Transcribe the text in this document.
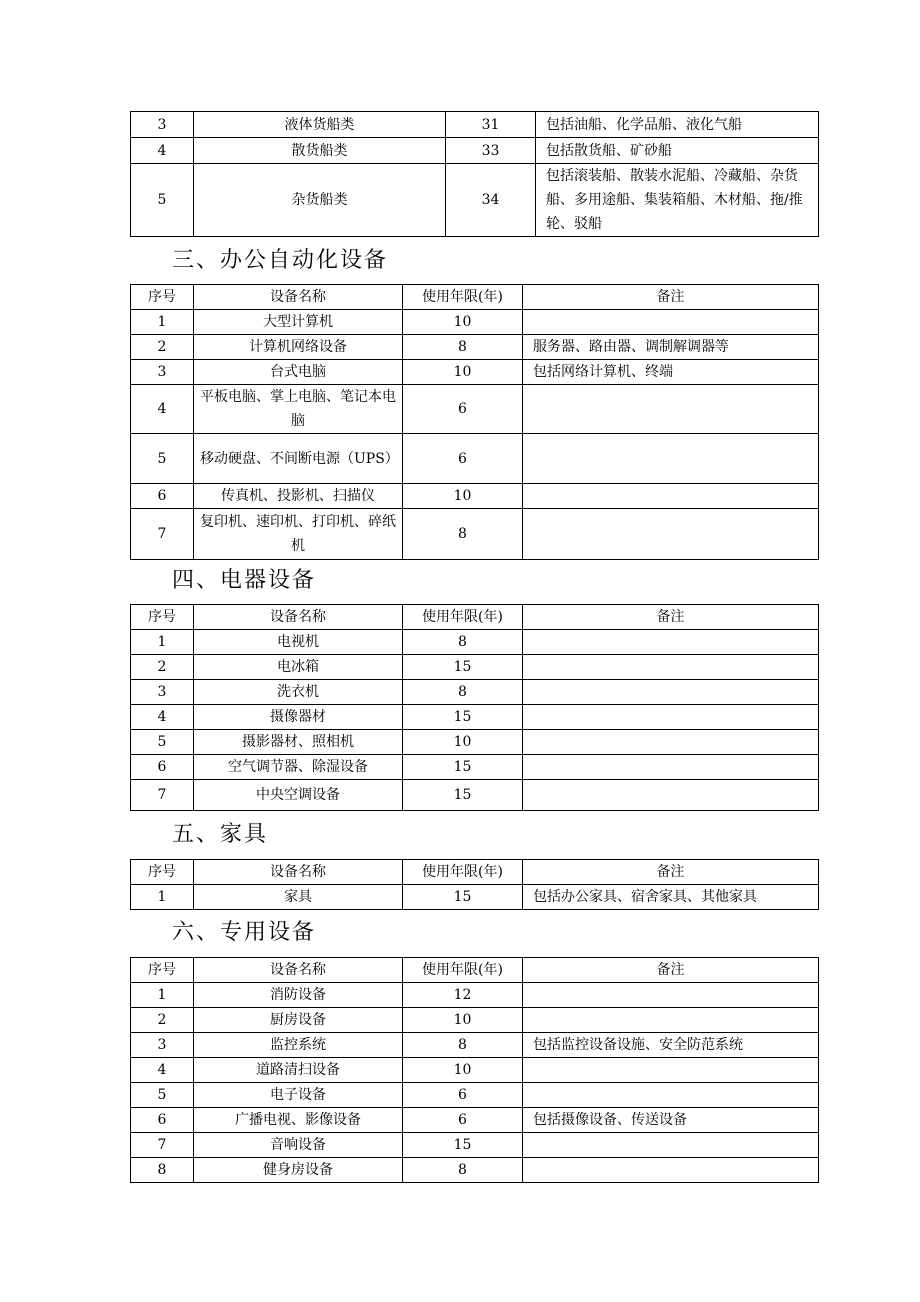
3	液体货船类	31	包括油船、化学品船、液化气船
4	散货船类	33	包括散货船、矿砂船
5	杂货船类	34	包括滚装船、散装水泥船、冷藏船、杂货船、多用途船、集装箱船、木材船、拖/推轮、驳船
三、办公自动化设备
序号	设备名称	使用年限(年)	备注
1	大型计算机	10	
2	计算机网络设备	8	服务器、路由器、调制解调器等
3	台式电脑	10	包括网络计算机、终端
4	平板电脑、掌上电脑、笔记本电脑	6	
5	移动硬盘、不间断电源（UPS）	6	
6	传真机、投影机、扫描仪	10	
7	复印机、速印机、打印机、碎纸机	8	
四、电器设备
序号	设备名称	使用年限(年)	备注
1	电视机	8	
2	电冰箱	15	
3	洗衣机	8	
4	摄像器材	15	
5	摄影器材、照相机	10	
6	空气调节器、除湿设备	15	
7	中央空调设备	15	
五、家具
序号	设备名称	使用年限(年)	备注
1	家具	15	包括办公家具、宿舍家具、其他家具
六、专用设备
序号	设备名称	使用年限(年)	备注
1	消防设备	12	
2	厨房设备	10	
3	监控系统	8	包括监控设备设施、安全防范系统
4	道路清扫设备	10	
5	电子设备	6	
6	广播电视、影像设备	6	包括摄像设备、传送设备
7	音响设备	15	
8	健身房设备	8	
